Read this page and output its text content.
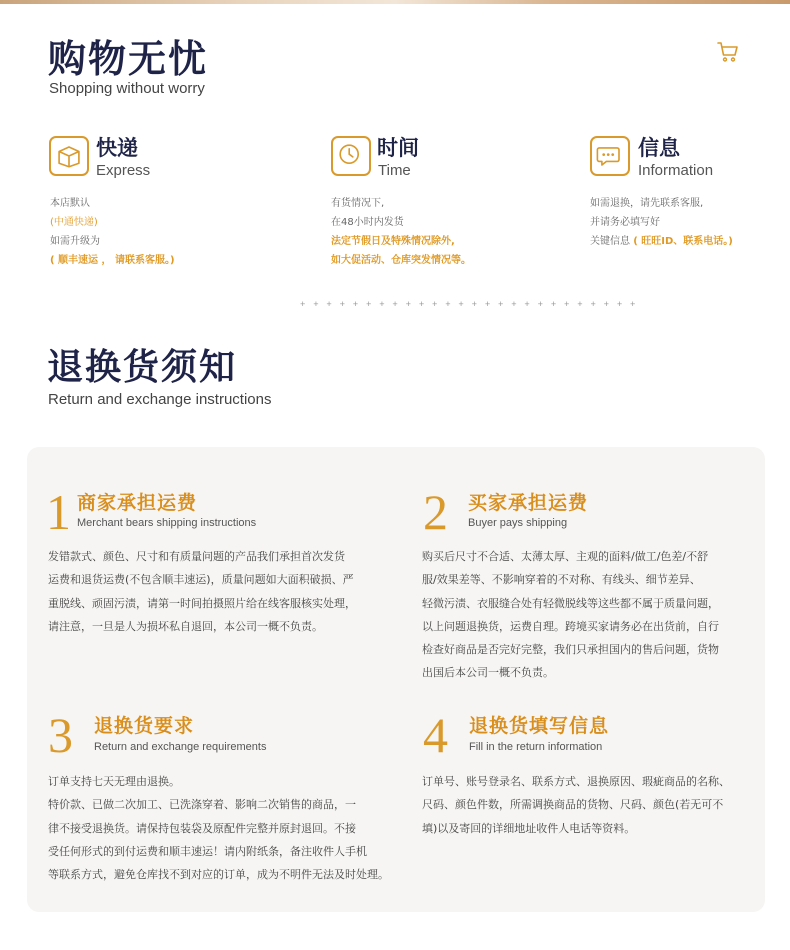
购物无忧
Shopping without worry
快递
Express
本店默认
(中通快递)
如需升级为
( 顺丰速运 ， 请联系客服。)
时间
Time
有货情况下,
在48小时内发货
法定节假日及特殊情况除外,
如大促活动、仓库突发情况等。
信息
Information
如需退换，请先联系客服,
并请务必填写好
关键信息 ( 旺旺ID、联系电话。)
+ + + + + + + + + + + + + + + + + + + + + + + + + +
退换货须知
Return and exchange instructions
1 商家承担运费
Merchant bears shipping instructions
发错款式、颜色、尺寸和有质量问题的产品我们承担首次发货
运费和退货运费(不包含顺丰速运)，质量问题如大面积破损、严
重脱线、顽固污渍，请第一时间拍摄照片给在线客服核实处理，
请注意，一旦是人为损坏私自退回，本公司一概不负责。
2 买家承担运费
Buyer pays shipping
购买后尺寸不合适、太薄太厚、主观的面料/做工/色差/不舒
服/效果差等、不影响穿着的不对称、有线头、细节差异、
轻微污渍、衣服缝合处有轻微脱线等这些都不属于质量问题，
以上问题退换货，运费自理。跨境买家请务必在出货前，自行
检查好商品是否完好完整，我们只承担国内的售后问题，货物
出国后本公司一概不负责。
3 退换货要求
Return and exchange requirements
订单支持七天无理由退换。
特价款、已做二次加工、已洗涤穿着、影响二次销售的商品，一
律不接受退换货。请保持包装袋及原配件完整并原封退回。不接
受任何形式的到付运费和顺丰速运！请内附纸条，备注收件人手机
等联系方式，避免仓库找不到对应的订单，成为不明件无法及时处理。
4 退换货填写信息
Fill in the return information
订单号、账号登录名、联系方式、退换原因、瑕疵商品的名称、
尺码、颜色件数，所需调换商品的货物、尺码、颜色(若无可不
填)以及寄回的详细地址收件人电话等资料。
